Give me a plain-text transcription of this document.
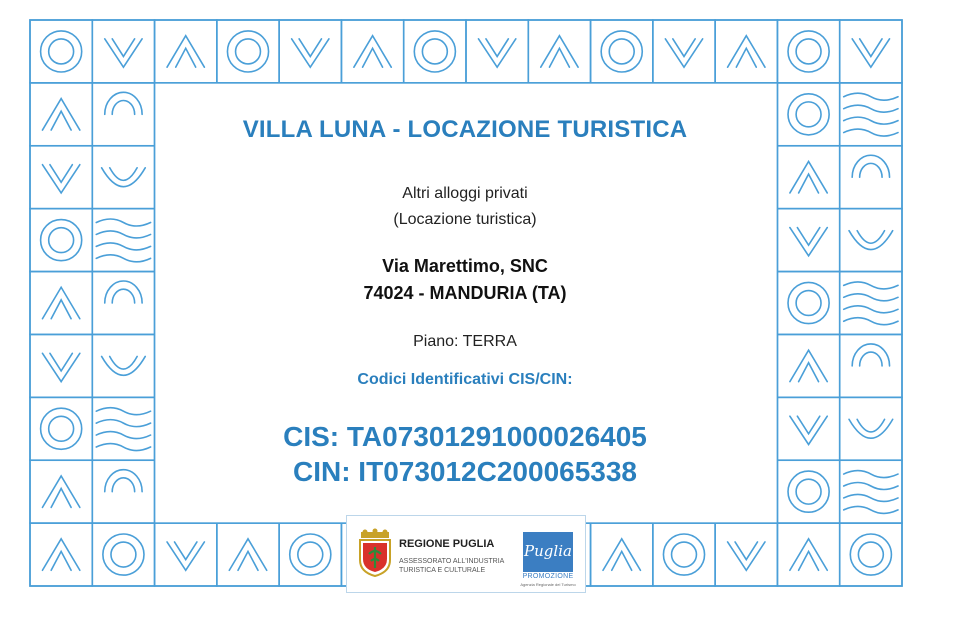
VILLA LUNA - LOCAZIONE TURISTICA
Altri alloggi privati
(Locazione turistica)
Via Marettimo, SNC
74024 - MANDURIA (TA)
Piano: TERRA
Codici Identificativi CIS/CIN:
CIS: TA07301291000026405
CIN: IT073012C200065338
REGIONE PUGLIA
ASSESSORATO ALL'INDUSTRIA
TURISTICA E CULTURALE
Puglia
PROMOZIONE
Agenzia Regionale del Turismo
